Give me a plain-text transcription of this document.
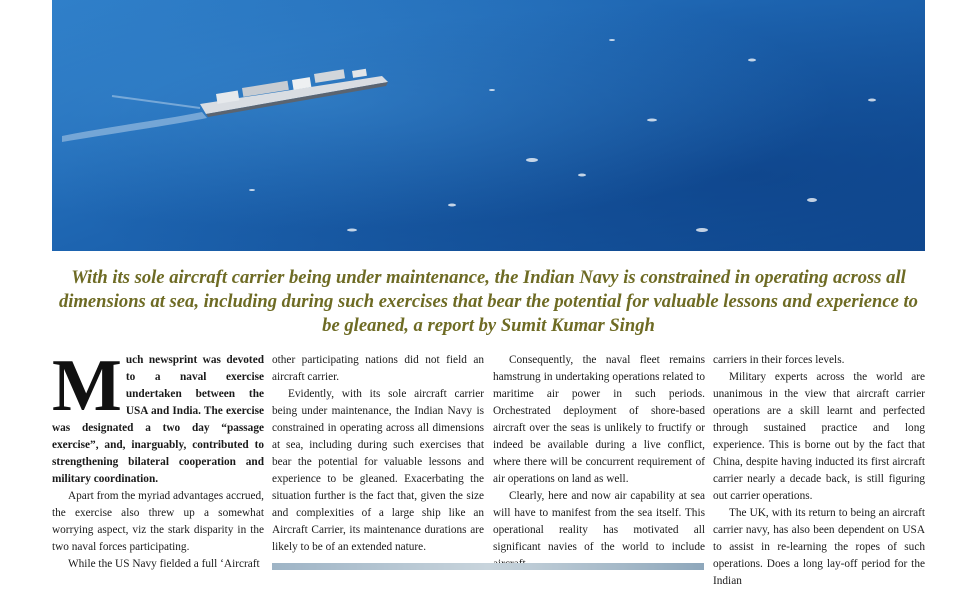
With its sole aircraft carrier being under maintenance, the Indian Navy is constrained in operating across all dimensions at sea, including during such exercises that bear the potential for valuable lessons and experience to be gleaned, a report by Sumit Kumar Singh

Much newsprint was devoted to a naval exercise undertaken between the USA and India. The exercise was designated a two day “passage exercise”, and, inarguably, contributed to strengthening bilateral cooperation and military coordination.

Apart from the myriad advantages accrued, the exercise also threw up a somewhat worrying aspect, viz the stark disparity in the two naval forces participating.

While the US Navy fielded a full ‘Aircraft

other participating nations did not field an aircraft carrier.

Evidently, with its sole aircraft carrier being under maintenance, the Indian Navy is constrained in operating across all dimensions at sea, including during such exercises that bear the potential for valuable lessons and experience to be gleaned. Exacerbating the situation further is the fact that, given the size and complexities of a large ship like an Aircraft Carrier, its maintenance durations are likely to be of an extended nature.

Consequently, the naval fleet remains hamstrung in undertaking operations related to maritime air power in such periods. Orchestrated deployment of shore-based aircraft over the seas is unlikely to fructify or indeed be available during a live conflict, where there will be concurrent requirement of air operations on land as well.

Clearly, here and now air capability at sea will have to manifest from the sea itself. This operational reality has motivated all significant navies of the world to include

carriers in their forces levels.

Military experts across the world are unanimous in the view that aircraft carrier operations are a skill learnt and perfected through sustained practice and long experience. This is borne out by the fact that China, despite having inducted its first aircraft carrier nearly a decade back, is still figuring out carrier operations.

The UK, with its return to being an aircraft carrier navy, has also been dependent on USA to assist in re-learning the ropes of such operations. Does a long lay-off period for the Indian
